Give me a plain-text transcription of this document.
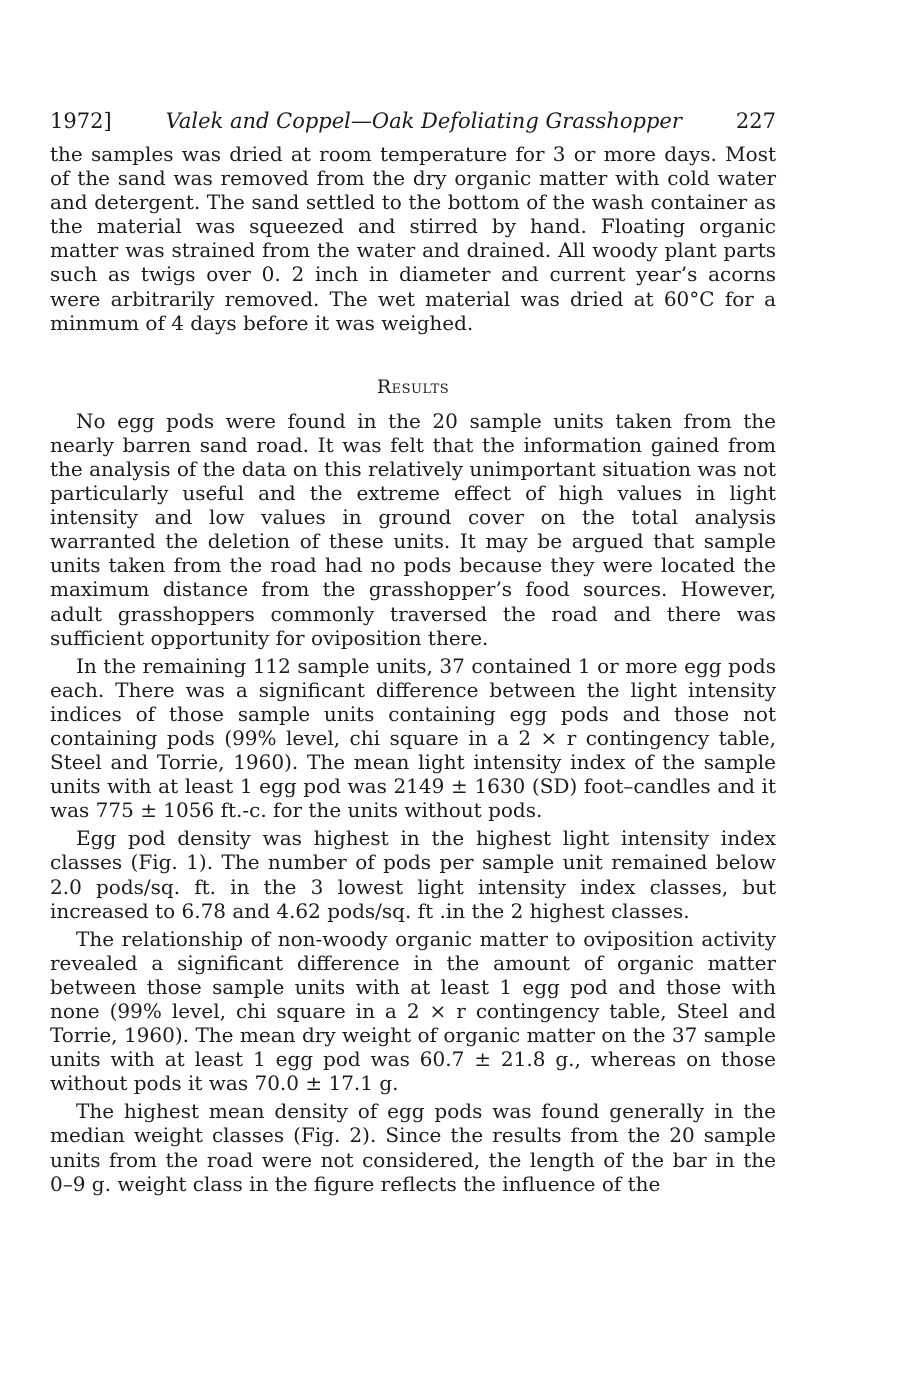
1972]	Valek and Coppel—Oak Defoliating Grasshopper	227

the samples was dried at room temperature for 3 or more days. Most of the sand was removed from the dry organic matter with cold water and detergent. The sand settled to the bottom of the wash container as the material was squeezed and stirred by hand. Floating organic matter was strained from the water and drained. All woody plant parts such as twigs over 0. 2 inch in diameter and current year’s acorns were arbitrarily removed. The wet material was dried at 60°C for a minmum of 4 days before it was weighed.

Results

No egg pods were found in the 20 sample units taken from the nearly barren sand road. It was felt that the information gained from the analysis of the data on this relatively unimportant situation was not particularly useful and the extreme effect of high values in light intensity and low values in ground cover on the total analysis warranted the deletion of these units. It may be argued that sample units taken from the road had no pods because they were located the maximum distance from the grasshopper’s food sources. However, adult grasshoppers commonly traversed the road and there was sufficient opportunity for oviposition there.

In the remaining 112 sample units, 37 contained 1 or more egg pods each. There was a significant difference between the light intensity indices of those sample units containing egg pods and those not containing pods (99% level, chi square in a 2 × r contingency table, Steel and Torrie, 1960). The mean light intensity index of the sample units with at least 1 egg pod was 2149 ± 1630 (SD) foot–candles and it was 775 ± 1056 ft.-c. for the units without pods.

Egg pod density was highest in the highest light intensity index classes (Fig. 1). The number of pods per sample unit remained below 2.0 pods/sq. ft. in the 3 lowest light intensity index classes, but increased to 6.78 and 4.62 pods/sq. ft .in the 2 highest classes.

The relationship of non-woody organic matter to oviposition activity revealed a significant difference in the amount of organic matter between those sample units with at least 1 egg pod and those with none (99% level, chi square in a 2 × r contingency table, Steel and Torrie, 1960). The mean dry weight of organic matter on the 37 sample units with at least 1 egg pod was 60.7 ± 21.8 g., whereas on those without pods it was 70.0 ± 17.1 g.

The highest mean density of egg pods was found generally in the median weight classes (Fig. 2). Since the results from the 20 sample units from the road were not considered, the length of the bar in the 0–9 g. weight class in the figure reflects the influence of the
